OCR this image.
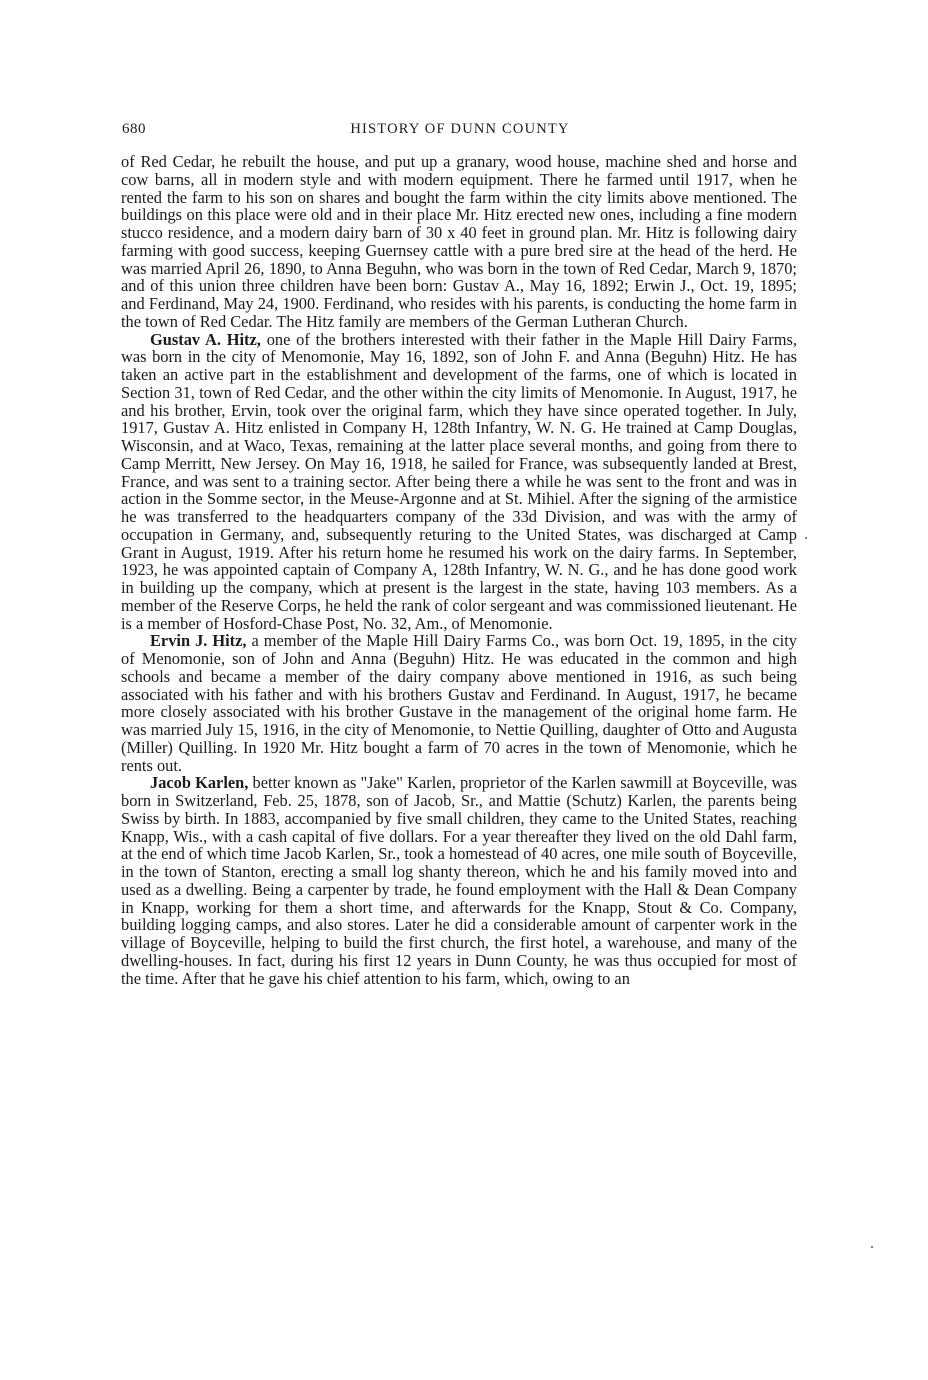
680	HISTORY OF DUNN COUNTY

of Red Cedar, he rebuilt the house, and put up a granary, wood house, machine shed and horse and cow barns, all in modern style and with modern equipment. There he farmed until 1917, when he rented the farm to his son on shares and bought the farm within the city limits above mentioned. The buildings on this place were old and in their place Mr. Hitz erected new ones, including a fine modern stucco residence, and a modern dairy barn of 30 x 40 feet in ground plan. Mr. Hitz is following dairy farming with good success, keeping Guernsey cattle with a pure bred sire at the head of the herd. He was married April 26, 1890, to Anna Beguhn, who was born in the town of Red Cedar, March 9, 1870; and of this union three children have been born: Gustav A., May 16, 1892; Erwin J., Oct. 19, 1895; and Ferdinand, May 24, 1900. Ferdinand, who resides with his parents, is conducting the home farm in the town of Red Cedar. The Hitz family are members of the German Lutheran Church.

Gustav A. Hitz, one of the brothers interested with their father in the Maple Hill Dairy Farms, was born in the city of Menomonie, May 16, 1892, son of John F. and Anna (Beguhn) Hitz. He has taken an active part in the establishment and development of the farms, one of which is located in Section 31, town of Red Cedar, and the other within the city limits of Menomonie. In August, 1917, he and his brother, Ervin, took over the original farm, which they have since operated together. In July, 1917, Gustav A. Hitz enlisted in Company H, 128th Infantry, W. N. G. He trained at Camp Douglas, Wisconsin, and at Waco, Texas, remaining at the latter place several months, and going from there to Camp Merritt, New Jersey. On May 16, 1918, he sailed for France, was subsequently landed at Brest, France, and was sent to a training sector. After being there a while he was sent to the front and was in action in the Somme sector, in the Meuse-Argonne and at St. Mihiel. After the signing of the armistice he was transferred to the headquarters company of the 33d Division, and was with the army of occupation in Germany, and, subsequently returing to the United States, was discharged at Camp Grant in August, 1919. After his return home he resumed his work on the dairy farms. In September, 1923, he was appointed captain of Company A, 128th Infantry, W. N. G., and he has done good work in building up the company, which at present is the largest in the state, having 103 members. As a member of the Reserve Corps, he held the rank of color sergeant and was commissioned lieutenant. He is a member of Hosford-Chase Post, No. 32, Am., of Menomonie.

Ervin J. Hitz, a member of the Maple Hill Dairy Farms Co., was born Oct. 19, 1895, in the city of Menomonie, son of John and Anna (Beguhn) Hitz. He was educated in the common and high schools and became a member of the dairy company above mentioned in 1916, as such being associated with his father and with his brothers Gustav and Ferdinand. In August, 1917, he became more closely associated with his brother Gustave in the management of the original home farm. He was married July 15, 1916, in the city of Menomonie, to Nettie Quilling, daughter of Otto and Augusta (Miller) Quilling. In 1920 Mr. Hitz bought a farm of 70 acres in the town of Menomonie, which he rents out.

Jacob Karlen, better known as "Jake" Karlen, proprietor of the Karlen sawmill at Boyceville, was born in Switzerland, Feb. 25, 1878, son of Jacob, Sr., and Mattie (Schutz) Karlen, the parents being Swiss by birth. In 1883, accompanied by five small children, they came to the United States, reaching Knapp, Wis., with a cash capital of five dollars. For a year thereafter they lived on the old Dahl farm, at the end of which time Jacob Karlen, Sr., took a homestead of 40 acres, one mile south of Boyceville, in the town of Stanton, erecting a small log shanty thereon, which he and his family moved into and used as a dwelling. Being a carpenter by trade, he found employment with the Hall & Dean Company in Knapp, working for them a short time, and afterwards for the Knapp, Stout & Co. Company, building logging camps, and also stores. Later he did a considerable amount of carpenter work in the village of Boyceville, helping to build the first church, the first hotel, a warehouse, and many of the dwelling-houses. In fact, during his first 12 years in Dunn County, he was thus occupied for most of the time. After that he gave his chief attention to his farm, which, owing to an
